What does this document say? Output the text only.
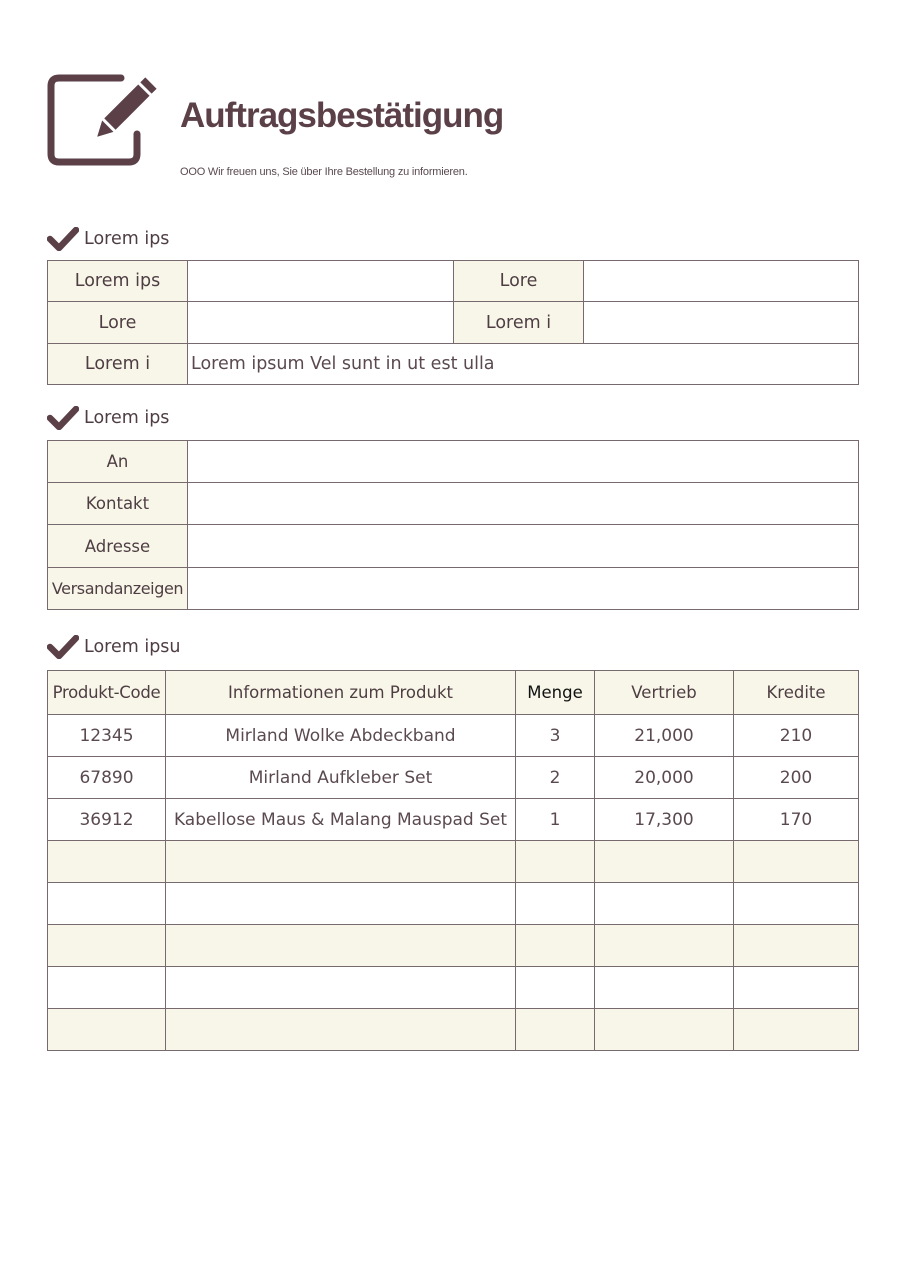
Auftragsbestätigung
OOO Wir freuen uns, Sie über Ihre Bestellung zu informieren.
Lorem ips
Lorem ips		Lore	
Lore		Lorem i	
Lorem i	Lorem ipsum Vel sunt in ut est ulla		
Lorem ips
An	
Kontakt	
Adresse	
Versandanzeigen	
Lorem ipsu
Produkt-Code	Informationen zum Produkt	Menge	Vertrieb	Kredite
12345	Mirland Wolke Abdeckband	3	21,000	210
67890	Mirland Aufkleber Set	2	20,000	200
36912	Kabellose Maus & Malang Mauspad Set	1	17,300	170
